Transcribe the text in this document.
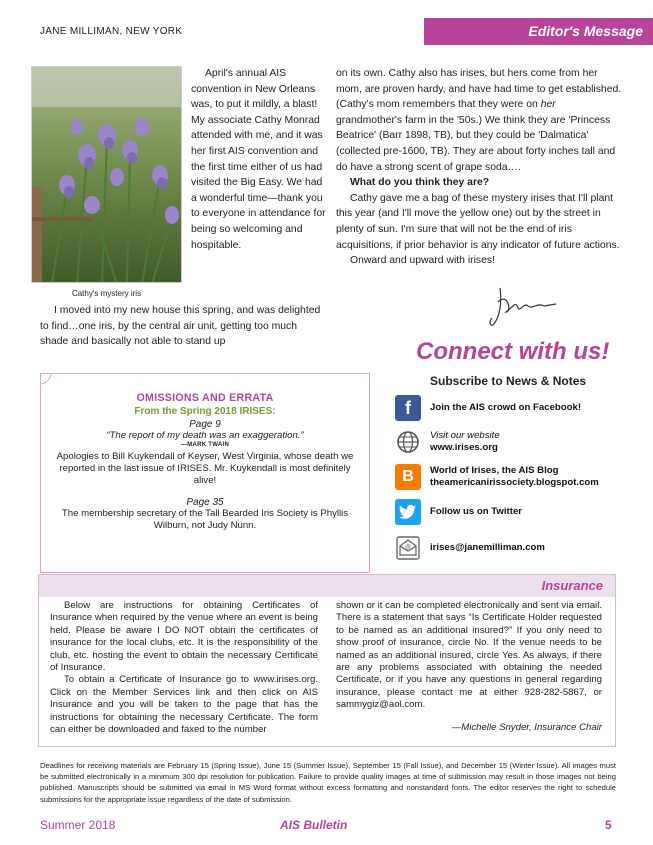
JANE MILLIMAN, NEW YORK	Editor's Message
Cathy's mystery iris

April's annual AIS convention in New Orleans was, to put it mildly, a blast! My associate Cathy Monrad attended with me, and it was her first AIS convention and the first time either of us had visited the Big Easy. We had a wonderful time—thank you to everyone in attendance for being so welcoming and hospitable.

I moved into my new house this spring, and was delighted to find…one iris, by the central air unit, getting too much shade and basically not able to stand up

on its own. Cathy also has irises, but hers come from her mom, are proven hardy, and have had time to get established. (Cathy's mom remembers that they were on her grandmother's farm in the '50s.) We think they are 'Princess Beatrice' (Barr 1898, TB), but they could be 'Dalmatica' (collected pre-1600, TB). They are about forty inches tall and do have a strong scent of grape soda….

What do you think they are?

Cathy gave me a bag of these mystery irises that I'll plant this year (and I'll move the yellow one) out by the street in plenty of sun. I'm sure that will not be the end of iris acquisitions, if prior behavior is any indicator of future actions.

Onward and upward with irises!

Connect with us!
Subscribe to News & Notes
f Join the AIS crowd on Facebook!
Visit our website
www.irises.org
B World of Irises, the AIS Blog
theamericanirissociety.blogspot.com
Follow us on Twitter
@ irises@janemilliman.com
OMISSIONS AND ERRATA
From the Spring 2018 IRISES:
Page 9
“The report of my death was an exaggeration.”
—MARK TWAIN
Apologies to Bill Kuykendall of Keyser, West Virginia, whose death we reported in the last issue of IRISES. Mr. Kuykendall is most definitely alive!
Page 35
The membership secretary of the Tall Bearded Iris Society is Phyllis Wilburn, not Judy Nunn.
Insurance

Below are instructions for obtaining Certificates of Insurance when required by the venue where an event is being held. Please be aware I DO NOT obtain the certificates of insurance for the local clubs, etc. It is the responsibility of the club, etc. hosting the event to obtain the necessary Certificate of Insurance.

To obtain a Certificate of Insurance go to www.irises.org. Click on the Member Services link and then click on AIS Insurance and you will be taken to the page that has the instructions for obtaining the necessary Certificate. The form can either be downloaded and faxed to the number

shown or it can be completed electronically and sent via email. There is a statement that says “Is Certificate Holder requested to be named as an additional insured?” If you only need to show proof of insurance, circle No. If the venue needs to be named as an additional insured, circle Yes. As always, if there are any problems associated with obtaining the needed Certificate, or if you have any questions in general regarding insurance, please contact me at either 928-282-5867, or sammygiz@aol.com.

—Michelle Snyder, Insurance Chair
Deadlines for receiving materials are February 15 (Spring Issue), June 15 (Summer Issue), September 15 (Fall Issue), and December 15 (Winter Issue). All images must be submitted electronically in a minimum 300 dpi resolution for publication. Failure to provide quality images at time of submission may result in those images not being published. Manuscripts should be submitted via email in MS Word format without excess formatting and nonstandard fonts. The editor reserves the right to schedule submissions for the appropriate issue regardless of the date of submission.
Summer 2018	AIS Bulletin	5
